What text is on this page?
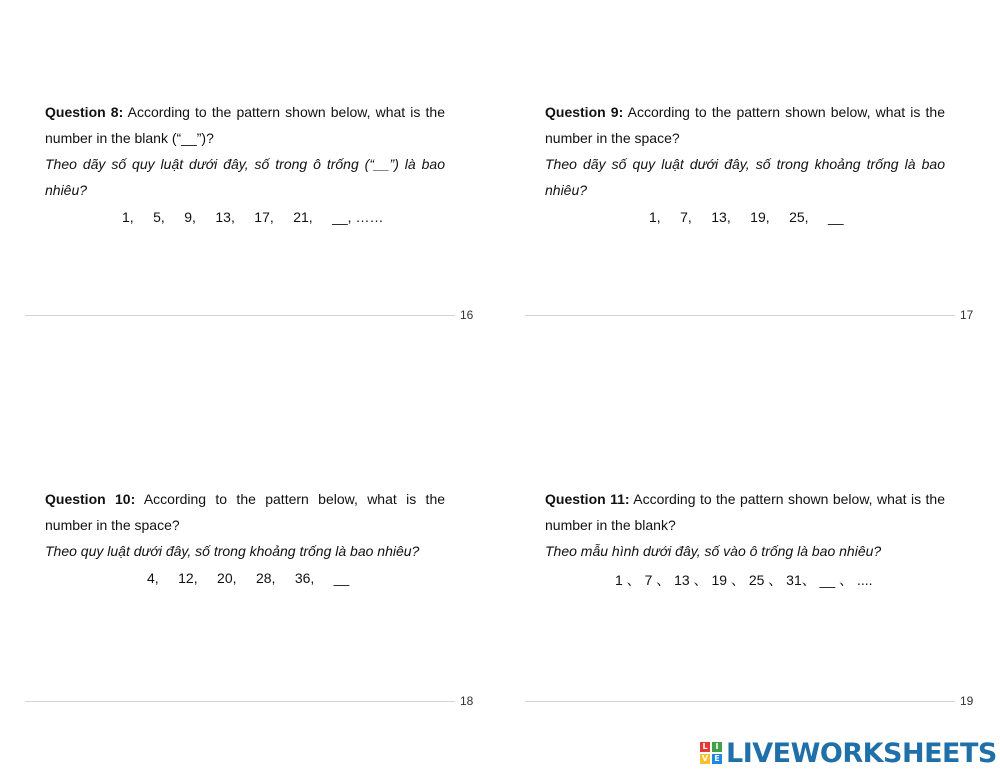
Question 8: According to the pattern shown below, what is the number in the blank (“__”)?
Theo dãy số quy luật dưới đây, số trong ô trống (“__”) là bao nhiêu?
1,     5,     9,     13,     17,     21,     __, ……
16
Question 9: According to the pattern shown below, what is the number in the space?
Theo dãy số quy luật dưới đây, số trong khoảng trống là bao nhiêu?
1,     7,     13,     19,     25,     __
17
Question 10: According to the pattern below, what is the number in the space?
Theo quy luật dưới đây, số trong khoảng trống là bao nhiêu?
4,     12,     20,     28,     36,     __
18
Question 11: According to the pattern shown below, what is the number in the blank?
Theo mẫu hình dưới đây, số vào ô trống là bao nhiêu?
1 、 7 、 13 、 19 、 25 、 31、 __ 、 ....
19
L I
V E LIVEWORKSHEETS
